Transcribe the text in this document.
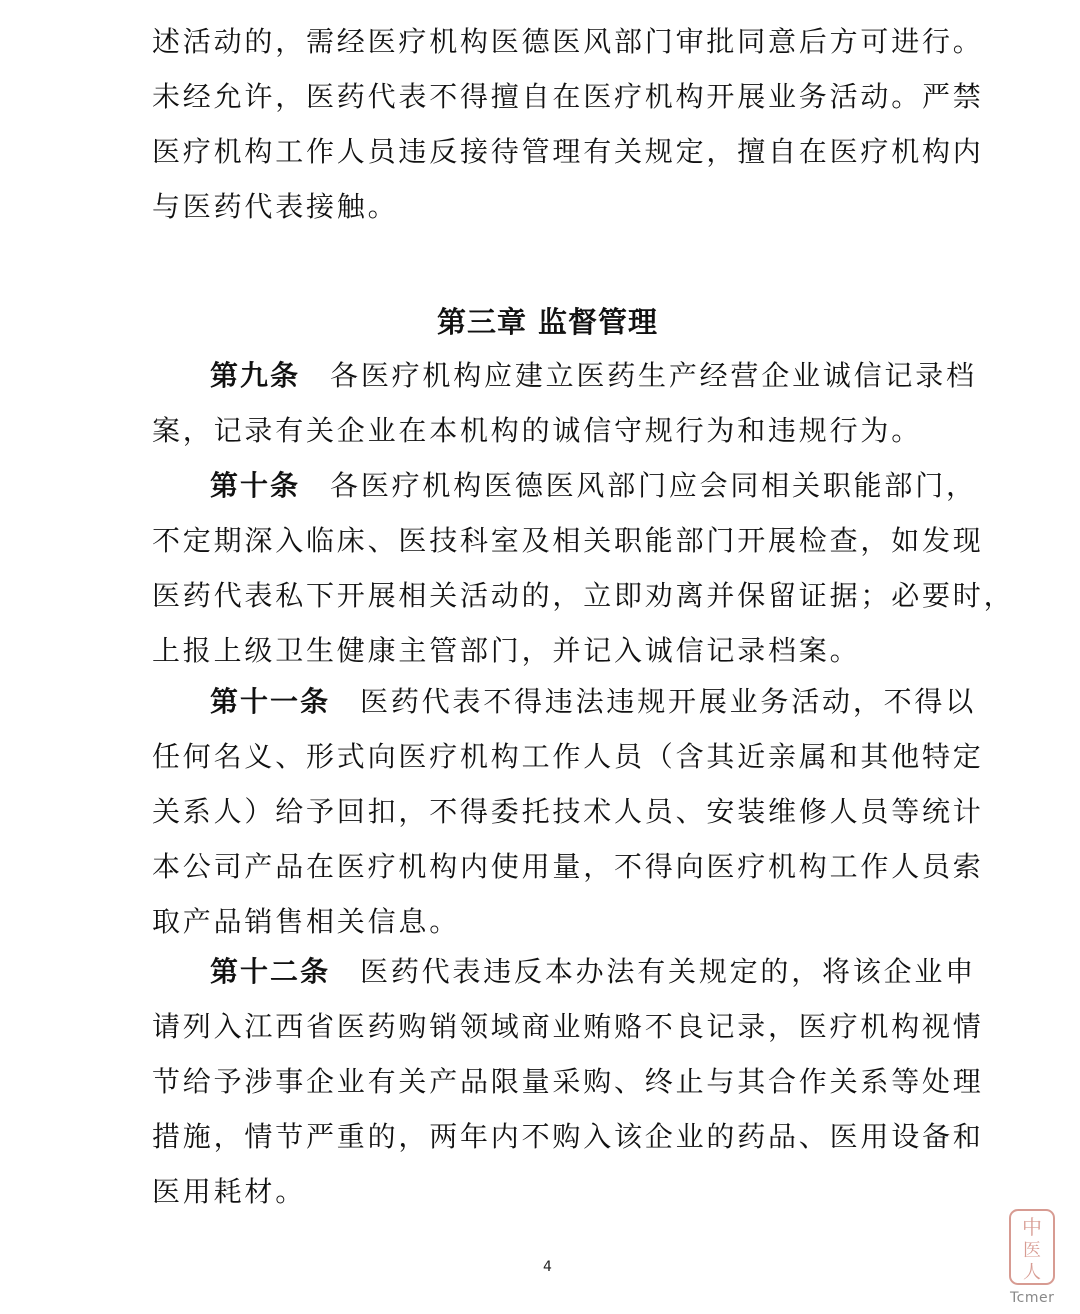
述活动的，需经医疗机构医德医风部门审批同意后方可进行。
未经允许，医药代表不得擅自在医疗机构开展业务活动。严禁
医疗机构工作人员违反接待管理有关规定，擅自在医疗机构内
与医药代表接触。
第三章 监督管理
第九条 各医疗机构应建立医药生产经营企业诚信记录档
案，记录有关企业在本机构的诚信守规行为和违规行为。
第十条 各医疗机构医德医风部门应会同相关职能部门，
不定期深入临床、医技科室及相关职能部门开展检查，如发现
医药代表私下开展相关活动的，立即劝离并保留证据；必要时，
上报上级卫生健康主管部门，并记入诚信记录档案。
第十一条 医药代表不得违法违规开展业务活动，不得以
任何名义、形式向医疗机构工作人员（含其近亲属和其他特定
关系人）给予回扣，不得委托技术人员、安装维修人员等统计
本公司产品在医疗机构内使用量，不得向医疗机构工作人员索
取产品销售相关信息。
第十二条 医药代表违反本办法有关规定的，将该企业申
请列入江西省医药购销领域商业贿赂不良记录，医疗机构视情
节给予涉事企业有关产品限量采购、终止与其合作关系等处理
措施，情节严重的，两年内不购入该企业的药品、医用设备和
医用耗材。
4
中
医
人
Tcmer
